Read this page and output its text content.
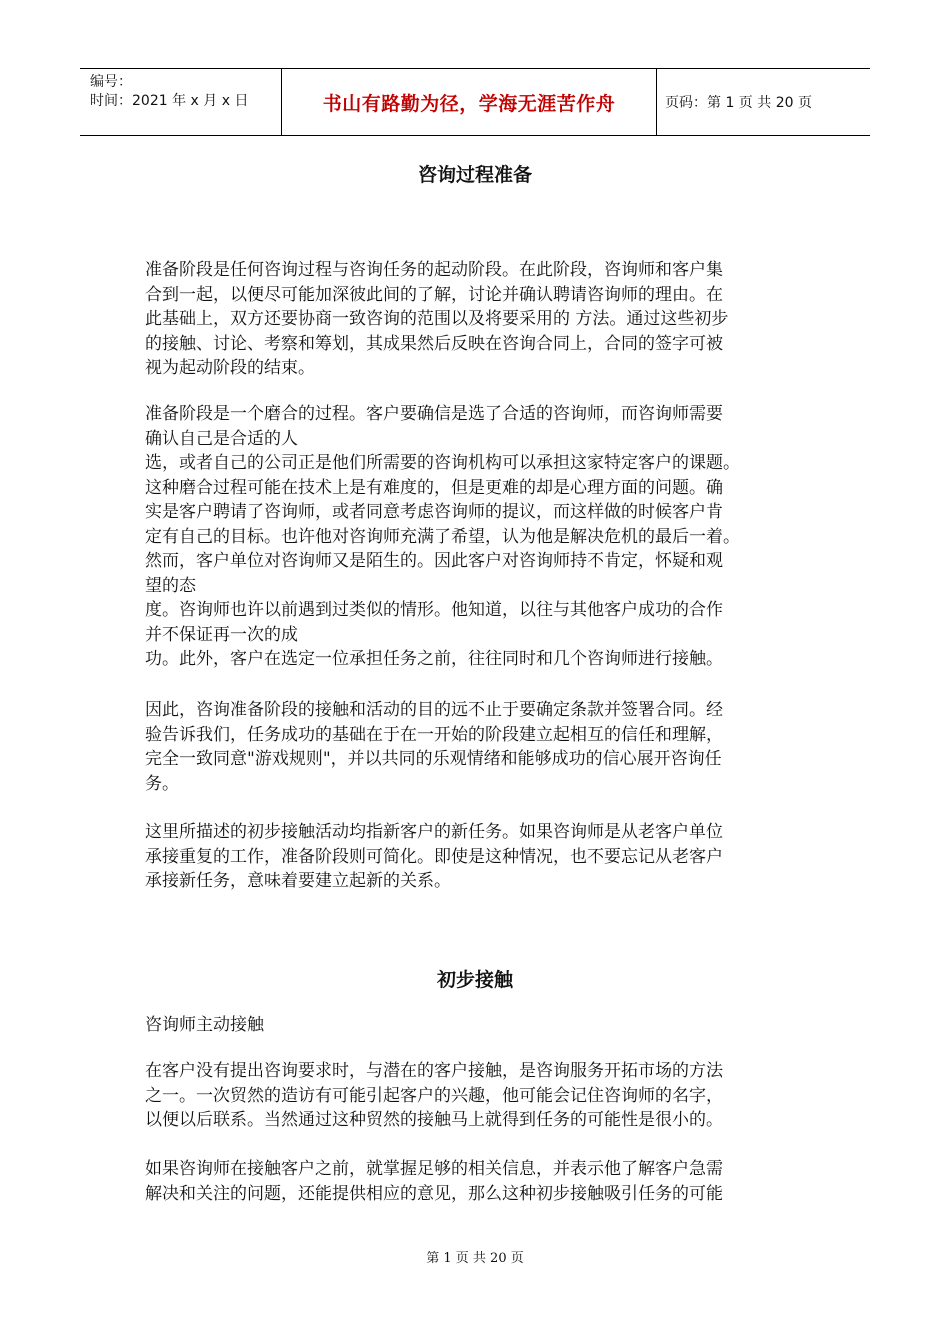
编号：
时间：2021 年 x 月 x 日	书山有路勤为径，学海无涯苦作舟	页码：第 1 页 共 20 页
咨询过程准备

准备阶段是任何咨询过程与咨询任务的起动阶段。在此阶段，咨询师和客户集
合到一起，以便尽可能加深彼此间的了解，讨论并确认聘请咨询师的理由。在
此基础上，双方还要协商一致咨询的范围以及将要采用的 方法。通过这些初步
的接触、讨论、考察和筹划，其成果然后反映在咨询合同上，合同的签字可被
视为起动阶段的结束。

准备阶段是一个磨合的过程。客户要确信是选了合适的咨询师，而咨询师需要
确认自己是合适的人
选，或者自己的公司正是他们所需要的咨询机构可以承担这家特定客户的课题。
这种磨合过程可能在技术上是有难度的，但是更难的却是心理方面的问题。确
实是客户聘请了咨询师，或者同意考虑咨询师的提议，而这样做的时候客户肯
定有自己的目标。也许他对咨询师充满了希望，认为他是解决危机的最后一着。
然而，客户单位对咨询师又是陌生的。因此客户对咨询师持不肯定，怀疑和观
望的态
度。咨询师也许以前遇到过类似的情形。他知道，以往与其他客户成功的合作
并不保证再一次的成
功。此外，客户在选定一位承担任务之前，往往同时和几个咨询师进行接触。

因此，咨询准备阶段的接触和活动的目的远不止于要确定条款并签署合同。经
验告诉我们，任务成功的基础在于在一开始的阶段建立起相互的信任和理解，
完全一致同意"游戏规则"，并以共同的乐观情绪和能够成功的信心展开咨询任
务。

这里所描述的初步接触活动均指新客户的新任务。如果咨询师是从老客户单位
承接重复的工作，准备阶段则可简化。即使是这种情况，也不要忘记从老客户
承接新任务，意味着要建立起新的关系。

初步接触

咨询师主动接触

在客户没有提出咨询要求时，与潜在的客户接触，是咨询服务开拓市场的方法
之一。一次贸然的造访有可能引起客户的兴趣，他可能会记住咨询师的名字，
以便以后联系。当然通过这种贸然的接触马上就得到任务的可能性是很小的。

如果咨询师在接触客户之前，就掌握足够的相关信息，并表示他了解客户急需
解决和关注的问题，还能提供相应的意见，那么这种初步接触吸引任务的可能

第 1 页 共 20 页
